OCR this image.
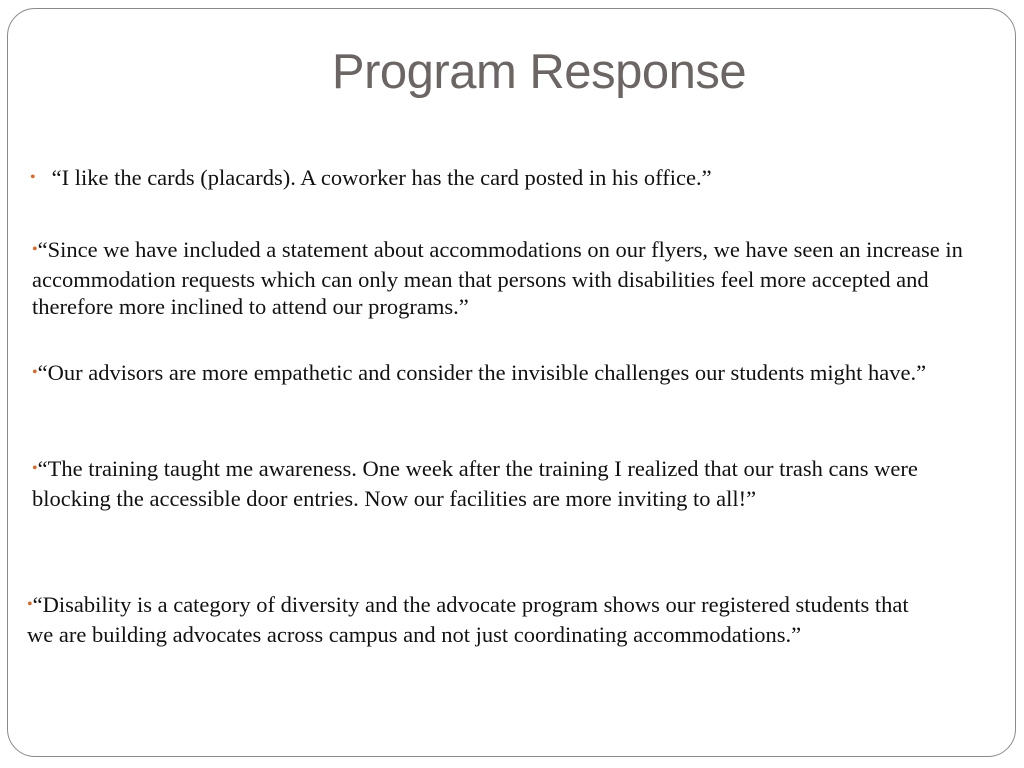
Program Response
• “I like the cards (placards). A coworker has the card posted in his office.”
•“Since we have included a statement about accommodations on our flyers, we have seen an increase in accommodation requests which can only mean that persons with disabilities feel more accepted and therefore more inclined to attend our programs.”
•“Our advisors are more empathetic and consider the invisible challenges our students might have.”
•“The training taught me awareness. One week after the training I realized that our trash cans were blocking the accessible door entries. Now our facilities are more inviting to all!”
•“Disability is a category of diversity and the advocate program shows our registered students that we are building advocates across campus and not just coordinating accommodations.”
